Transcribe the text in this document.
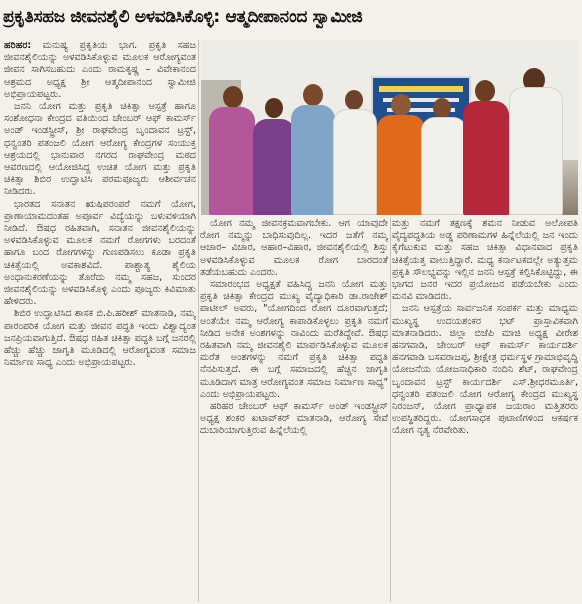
ಪ್ರಕೃತಿಸಹಜ ಜೀವನಶೈಲಿ ಅಳವಡಿಸಿಕೊಳ್ಳಿ: ಆತ್ಮದೀಪಾನಂದ ಸ್ವಾಮೀಜಿ

ಹರಿಹರ: ಮನುಷ್ಯ ಪ್ರಕೃತಿಯ ಭಾಗ. ಪ್ರಕೃತಿ ಸಹಜ ಜೀವನಶೈಲಿಯನ್ನು ಅಳವಡಿಸಿಕೊಳ್ಳುವ ಮೂಲಕ ಆರೋಗ್ಯವಂತ ಜೀವನ ಸಾಗಿಸಬಹುದು ಎಂದು ರಾಮಕೃಷ್ಣ – ವಿವೇಕಾನಂದ ಆಶ್ರಮದ ಅಧ್ಯಕ್ಷ ಶ್ರೀ ಆತ್ಮದೀಪಾನಂದ ಸ್ವಾಮೀಜಿ ಅಭಿಪ್ರಾಯಪಟ್ಟರು.

ಜನನಿ ಯೋಗ ಮತ್ತು ಪ್ರಕೃತಿ ಚಿಕಿತ್ಸಾ ಆಸ್ಪತ್ರೆ ಹಾಗೂ ಸಂಶೋಧನಾ ಕೇಂದ್ರದ ವತಿಯಿಂದ ಚೇಂಬರ್ ಆಫ್ ಕಾಮರ್ಸ್ ಅಂಡ್ ಇಂಡಸ್ಟ್ರೀಸ್, ಶ್ರೀ ರಾಘವೇಂದ್ರ ಬೃಂದಾವನ ಟ್ರಸ್ಟ್, ಧನ್ವಂತರಿ ಪತಂಜಲಿ ಯೋಗ ಆರೋಗ್ಯ ಕೇಂದ್ರಗಳ ಸಂಯುಕ್ತ ಆಶ್ರಯದಲ್ಲಿ ಭಾನುವಾರ ನಗರದ ರಾಘವೇಂದ್ರ ಮಠದ ಆವರಣದಲ್ಲಿ ಆಯೋಜಿಸಿದ್ದ ಉಚಿತ ಯೋಗ ಮತ್ತು ಪ್ರಕೃತಿ ಚಿಕಿತ್ಸಾ ಶಿಬಿರ ಉದ್ಘಾಟಿಸಿ ಪರಮಪೂಜ್ಯರು ಆಶೀರ್ವಚನ ನೀಡಿದರು.

ಭಾರತದ ಸನಾತನ ಋಷಿಪರಂಪರೆ ನಮಗೆ ಯೋಗ, ಪ್ರಾಣಾಯಾಮದಂತಹ ಅಪೂರ್ವ ವಿದ್ಯೆಯನ್ನು ಬಳುವಳಿಯಾಗಿ ನೀಡಿದೆ. ಔಷಧ ರಹಿತವಾಗಿ, ಸನಾತನ ಜೀವನಶೈಲಿಯನ್ನು ಅಳವಡಿಸಿಕೊಳ್ಳುವ ಮೂಲಕ ನಮಗೆ ರೋಗಗಳು ಬರದಂತೆ ಹಾಗೂ ಬಂದ ರೋಗಗಳನ್ನು ಗುಣಪಡಿಸಲು ಕೂಡಾ ಪ್ರಕೃತಿ ಚಿಕಿತ್ಸೆಯಲ್ಲಿ ಅವಕಾಶವಿದೆ. ಪಾಶ್ಚಾತ್ಯ ಶೈಲಿಯ ಅಂಧಾನುಕರಣೆಯನ್ನು ತೊರೆದು ನಮ್ಮ ಸಹಜ, ಸುಂದರ ಜೀವನಶೈಲಿಯನ್ನು ಅಳವಡಿಸಿಕೊಳ್ಳಿ ಎಂದು ಪೂಜ್ಯರು ಕಿವಿಮಾತು ಹೇಳಿದರು.

ಶಿಬಿರ ಉದ್ಘಾಟಿಸಿದ ಶಾಸಕ ಬಿ.ಪಿ.ಹರೀಶ್ ಮಾತನಾಡಿ, ನಮ್ಮ ಪಾರಂಪರಿಕ ಯೋಗ ಮತ್ತು ಜೀವನ ಪದ್ಧತಿ ಇಂದು ವಿಶ್ವಾದ್ಯಂತ ಜನಪ್ರಿಯವಾಗುತ್ತಿದೆ. ಔಷಧ ರಹಿತ ಚಿಕಿತ್ಸಾ ಪದ್ಧತಿ ಬಗ್ಗೆ ಜನರಲ್ಲಿ ಹೆಚ್ಚು ಹೆಚ್ಚು ಜಾಗೃತಿ ಮೂಡಿದಲ್ಲಿ ಆರೋಗ್ಯವಂತ ಸಮಾಜ ನಿರ್ಮಾಣ ಸಾಧ್ಯ ಎಂದು ಅಭಿಪ್ರಾಯಪಟ್ಟರು.

ಯೋಗ ನಮ್ಮ ಜೀವನಕ್ರಮವಾಗಬೇಕು. ಆಗ ಯಾವುದೇ ರೋಗ ನಮ್ಮನ್ನು ಬಾಧಿಸುವುದಿಲ್ಲ. ಇದರ ಜತೆಗೆ ನಮ್ಮ ಆಚಾರ– ವಿಚಾರ, ಆಹಾರ–ವಿಹಾರ, ಜೀವನಶೈಲಿಯಲ್ಲಿ ಶಿಸ್ತು ಅಳವಡಿಸಿಕೊಳ್ಳುವ ಮೂಲಕ ರೋಗ ಬಾರದಂತೆ ತಡೆಯಬಹುದು ಎಂದರು.

ಸಮಾರಂಭದ ಅಧ್ಯಕ್ಷತೆ ವಹಿಸಿದ್ದ ಜನನಿ ಯೋಗ ಮತ್ತು ಪ್ರಕೃತಿ ಚಿಕಿತ್ಸಾ ಕೇಂದ್ರದ ಮುಖ್ಯ ವೈದ್ಯಾಧಿಕಾರಿ ಡಾ.ರಾಜೇಶ್ ಪಾಟೀಲ್ ಅವರು, "ಯೋಗದಿಂದ ರೋಗ ದೂರವಾಗುತ್ತದೆ; ಅಂತೆಯೇ ನಮ್ಮ ಆರೋಗ್ಯ ಕಾಪಾಡಿಕೊಳ್ಳಲು ಪ್ರಕೃತಿ ನಮಗೆ ನೀಡಿದ ಅನೇಕ ಅಂಶಗಳನ್ನು ನಾವಿಂದು ಮರೆತಿದ್ದೇವೆ. ಔಷಧ ರಹಿತವಾಗಿ ನಮ್ಮ ಜೀವನಶೈಲಿ ಮಾರ್ಪಡಿಸಿಕೊಳ್ಳುವ ಮೂಲಕ ಮರೆತ ಅಂಶಗಳನ್ನು ನಮಗೆ ಪ್ರಕೃತಿ ಚಿಕಿತ್ಸಾ ಪದ್ಧತಿ ನೆನಪಿಸುತ್ತದೆ. ಈ ಬಗ್ಗೆ ಸಮಾಜದಲ್ಲಿ ಹೆಚ್ಚಿನ ಜಾಗೃತಿ ಮೂಡಿದಾಗ ಮಾತ್ರ ಆರೋಗ್ಯವಂತ ಸಮಾಜ ನಿರ್ಮಾಣ ಸಾಧ್ಯ" ಎಂದು ಅಭಿಪ್ರಾಯಪಟ್ಟರು.

ಹರಿಹರ ಚೇಂಬರ್ ಆಫ್ ಕಾಮರ್ಸ್ ಅಂಡ್ ಇಂಡಸ್ಟ್ರೀಸ್ ಅಧ್ಯಕ್ಷ ಶಂಕರ ಖಟಾವ್‌ಕರ್ ಮಾತನಾಡಿ, ಆರೋಗ್ಯ ಸೇವೆ ದುಬಾರಿಯಾಗುತ್ತಿರುವ ಹಿನ್ನೆಲೆಯಲ್ಲಿ

ಮತ್ತು ನಮಗೆ ತಕ್ಷಣಕ್ಕೆ ಶಮನ ನೀಡುವ ಅಲೋಪತಿ ವೈದ್ಯಪದ್ಧತಿಯ ಅಡ್ಡ ಪರಿಣಾಮಗಳ ಹಿನ್ನೆಲೆಯಲ್ಲಿ ಜನ ಇಂದು ಕೈಗೆಟುಕುವ ಮತ್ತು ಸಹಜ ಚಿಕಿತ್ಸಾ ವಿಧಾನವಾದ ಪ್ರಕೃತಿ ಚಿಕಿತ್ಸೆಯತ್ತ ವಾಲುತ್ತಿದ್ದಾರೆ. ಮಧ್ಯ ಕರ್ನಾಟಕದಲ್ಲೇ ಅತ್ಯುತ್ತಮ ಪ್ರಕೃತಿ ಸೌಲಭ್ಯವನ್ನು ಇಲ್ಲಿನ ಜನನಿ ಆಸ್ಪತ್ರೆ ಕಲ್ಪಿಸಿಕೊಟ್ಟಿದ್ದು, ಈ ಭಾಗದ ಜನರ ಇದರ ಪ್ರಯೋಜನ ಪಡೆಯಬೇಕು ಎಂದು ಮನವಿ ಮಾಡಿದರು.

ಜನನಿ ಆಸ್ಪತ್ರೆಯ ಸಾರ್ವಜನಿಕ ಸಂಪರ್ಕ ಮತ್ತು ಮಾಧ್ಯಮ ಮುಖ್ಯಸ್ಥ ಉದಯಶಂಕರ ಭಟ್ ಪ್ರಾಸ್ತಾವಿಕವಾಗಿ ಮಾತನಾಡಿದರು. ಜಿಲ್ಲಾ ಬಿಜೆಪಿ ಮಾಜಿ ಅಧ್ಯಕ್ಷ ವೀರೇಶ ಹನಗವಾಡಿ, ಚೇಂಬರ್ ಆಫ್ ಕಾಮರ್ಸ್ ಕಾರ್ಯದರ್ಶಿ ಹನಗವಾಡಿ ಬಸವರಾಜಪ್ಪ, ಶ್ರೀಕ್ಷೇತ್ರ ಧರ್ಮಸ್ಥಳ ಗ್ರಾಮಾಭಿವೃದ್ಧಿ ಯೋಜನೆಯ ಯೋಜನಾಧಿಕಾರಿ ನಂದಿನಿ ಶೆಟ್, ರಾಘವೇಂದ್ರ ಬೃಂದಾವನ ಟ್ರಸ್ಟ್ ಕಾರ್ಯದರ್ಶಿ ಎಸ್.ಶ್ರೀಧರಮೂರ್ತಿ, ಧನ್ವಂತರಿ ಪತಂಜಲಿ ಯೋಗ ಆರೋಗ್ಯ ಕೇಂದ್ರದ ಮುಖ್ಯಸ್ಥ ನಿರಂಜನ್, ಯೋಗ ಪ್ರಾಧ್ಯಾಪಕ ಜಯರಾಂ ಮತ್ತಿತರರು ಉಪಸ್ಥಿತರಿದ್ದರು. ಯೋಗಸಾಧಕ ಪುಟಾಣಿಗಳಿಂದ ಆಕರ್ಷಕ ಯೋಗ ನೃತ್ಯ ನೆರವೇರಿತು.
